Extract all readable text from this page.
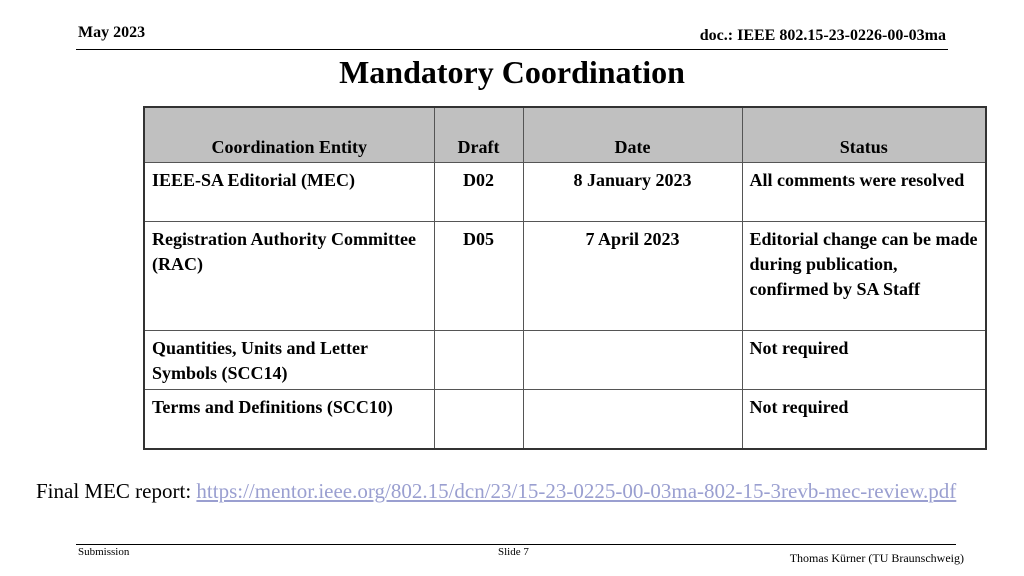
May 2023	doc.: IEEE 802.15-23-0226-00-03ma
Mandatory Coordination
Coordination Entity	Draft	Date	Status
IEEE-SA Editorial (MEC)	D02	8 January 2023	All comments were resolved
Registration Authority Committee (RAC)	D05	7 April 2023	Editorial change can be made during publication, confirmed by SA Staff
Quantities, Units and Letter Symbols (SCC14)			Not required
Terms and Definitions (SCC10)			Not required
Final MEC report: https://mentor.ieee.org/802.15/dcn/23/15-23-0225-00-03ma-802-15-3revb-mec-review.pdf
Submission	Slide 7	Thomas Kürner (TU Braunschweig)
